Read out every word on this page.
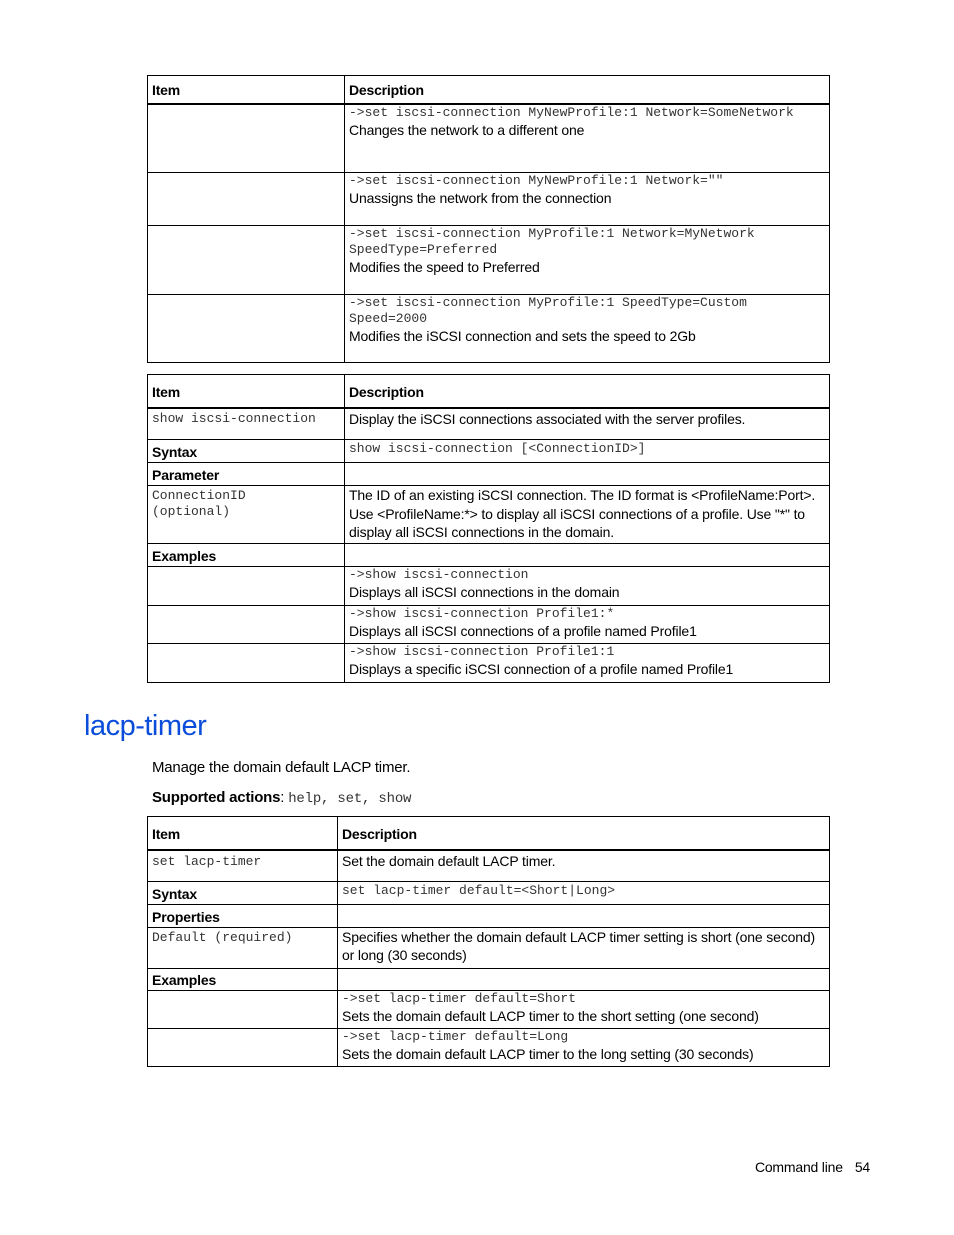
Item	Description

	->set iscsi-connection MyNewProfile:1 Network=SomeNetwork
Changes the network to a different one

	->set iscsi-connection MyNewProfile:1 Network=""
Unassigns the network from the connection

	->set iscsi-connection MyProfile:1 Network=MyNetwork SpeedType=Preferred
Modifies the speed to Preferred

	->set iscsi-connection MyProfile:1 SpeedType=Custom Speed=2000
Modifies the iSCSI connection and sets the speed to 2Gb
Item	Description

show iscsi-connection	Display the iSCSI connections associated with the server profiles.

Syntax	show iscsi-connection [<ConnectionID>]

Parameter	

ConnectionID (optional)	The ID of an existing iSCSI connection. The ID format is <ProfileName:Port>. Use <ProfileName:*> to display all iSCSI connections of a profile. Use "*" to display all iSCSI connections in the domain.

Examples	

	->show iscsi-connection
Displays all iSCSI connections in the domain

	->show iscsi-connection Profile1:*
Displays all iSCSI connections of a profile named Profile1

	->show iscsi-connection Profile1:1
Displays a specific iSCSI connection of a profile named Profile1
lacp-timer

Manage the domain default LACP timer.

Supported actions: help, set, show

Item	Description

set lacp-timer	Set the domain default LACP timer.

Syntax	set lacp-timer default=<Short|Long>

Properties	

Default (required)	Specifies whether the domain default LACP timer setting is short (one second) or long (30 seconds)

Examples	

	->set lacp-timer default=Short
Sets the domain default LACP timer to the short setting (one second)

	->set lacp-timer default=Long
Sets the domain default LACP timer to the long setting (30 seconds)
Command line 54
